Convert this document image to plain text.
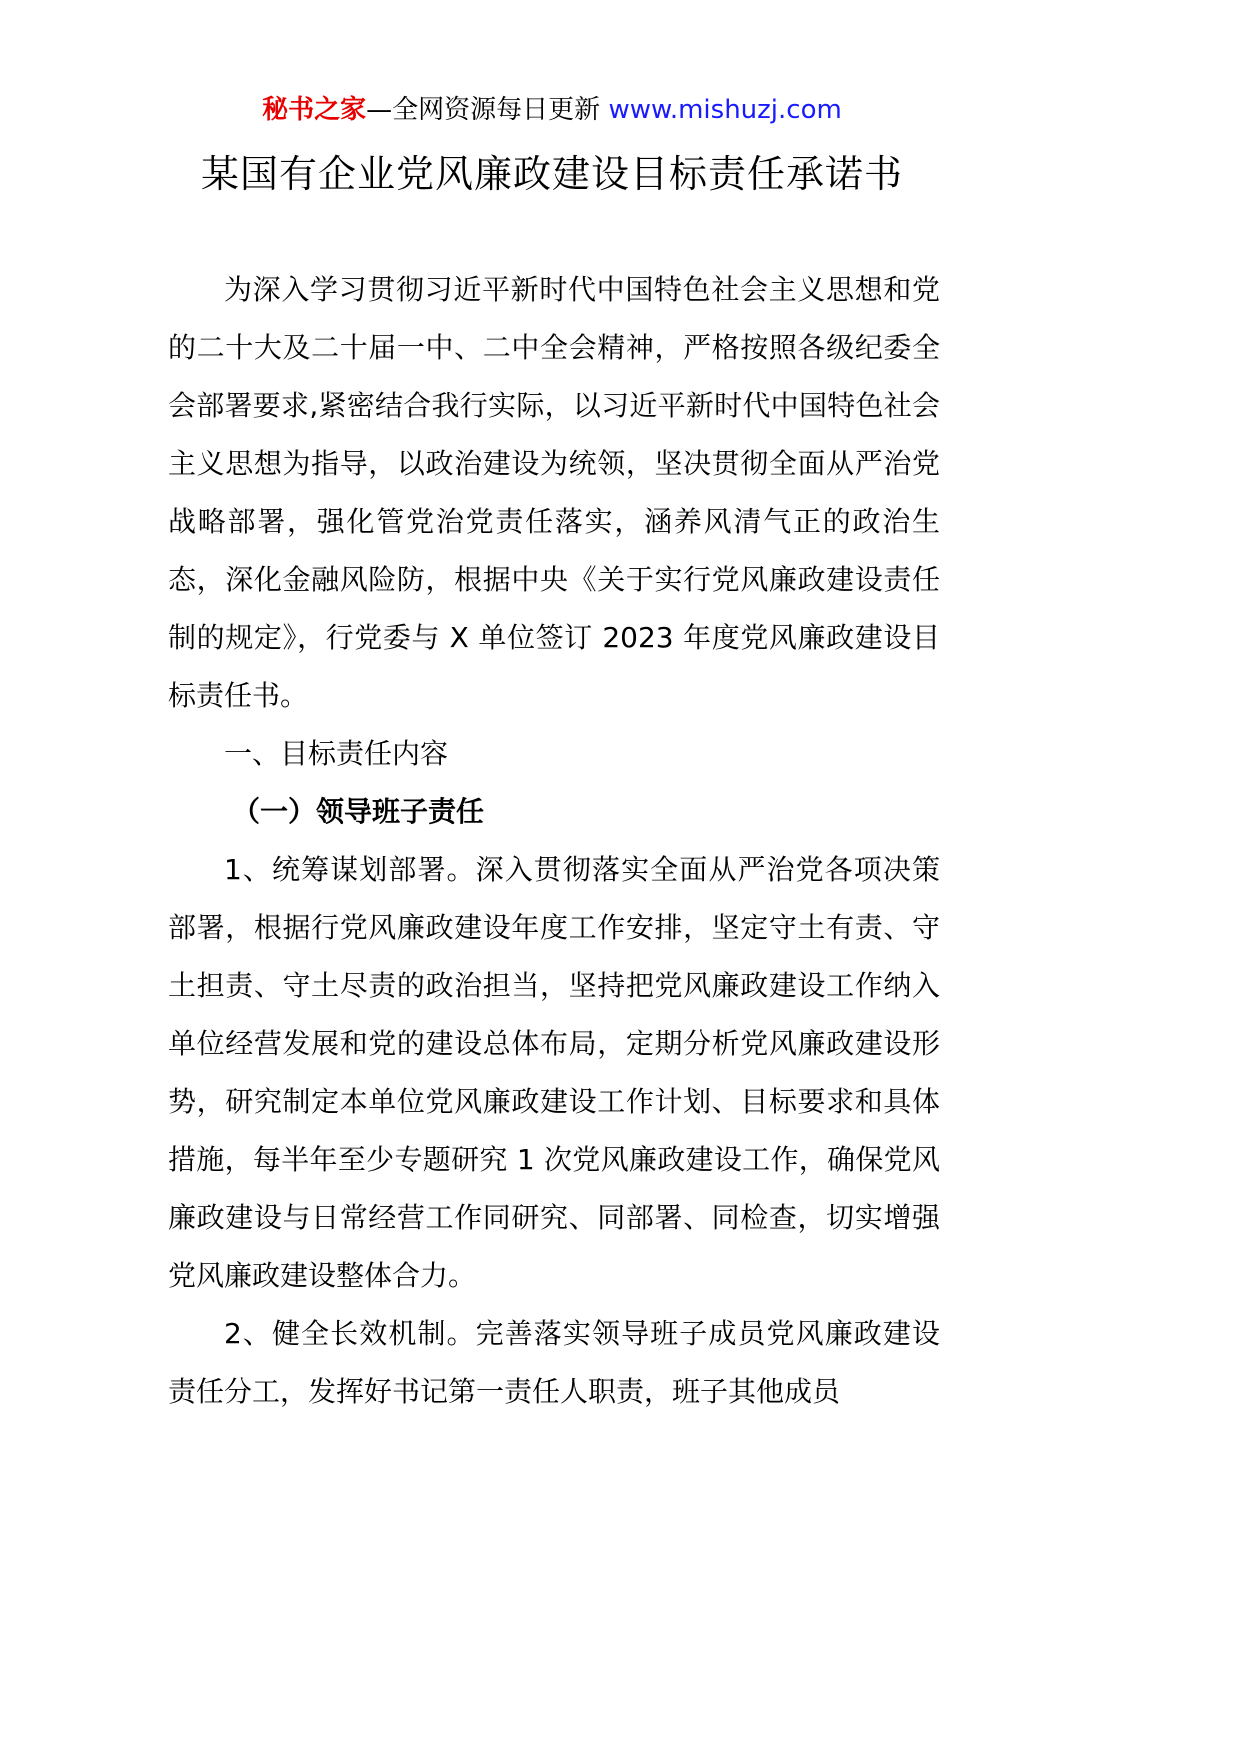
秘书之家—全网资源每日更新 www.mishuzj.com
某国有企业党风廉政建设目标责任承诺书

为深入学习贯彻习近平新时代中国特色社会主义思想和党的二十大及二十届一中、二中全会精神，严格按照各级纪委全会部署要求,紧密结合我行实际，以习近平新时代中国特色社会主义思想为指导，以政治建设为统领，坚决贯彻全面从严治党战略部署，强化管党治党责任落实，涵养风清气正的政治生态，深化金融风险防，根据中央《关于实行党风廉政建设责任制的规定》，行党委与 X 单位签订 2023 年度党风廉政建设目标责任书。

一、目标责任内容

（一）领导班子责任

1、统筹谋划部署。深入贯彻落实全面从严治党各项决策部署，根据行党风廉政建设年度工作安排，坚定守土有责、守土担责、守土尽责的政治担当，坚持把党风廉政建设工作纳入单位经营发展和党的建设总体布局，定期分析党风廉政建设形势，研究制定本单位党风廉政建设工作计划、目标要求和具体措施，每半年至少专题研究 1 次党风廉政建设工作，确保党风廉政建设与日常经营工作同研究、同部署、同检查，切实增强党风廉政建设整体合力。

2、健全长效机制。完善落实领导班子成员党风廉政建设责任分工，发挥好书记第一责任人职责，班子其他成员
